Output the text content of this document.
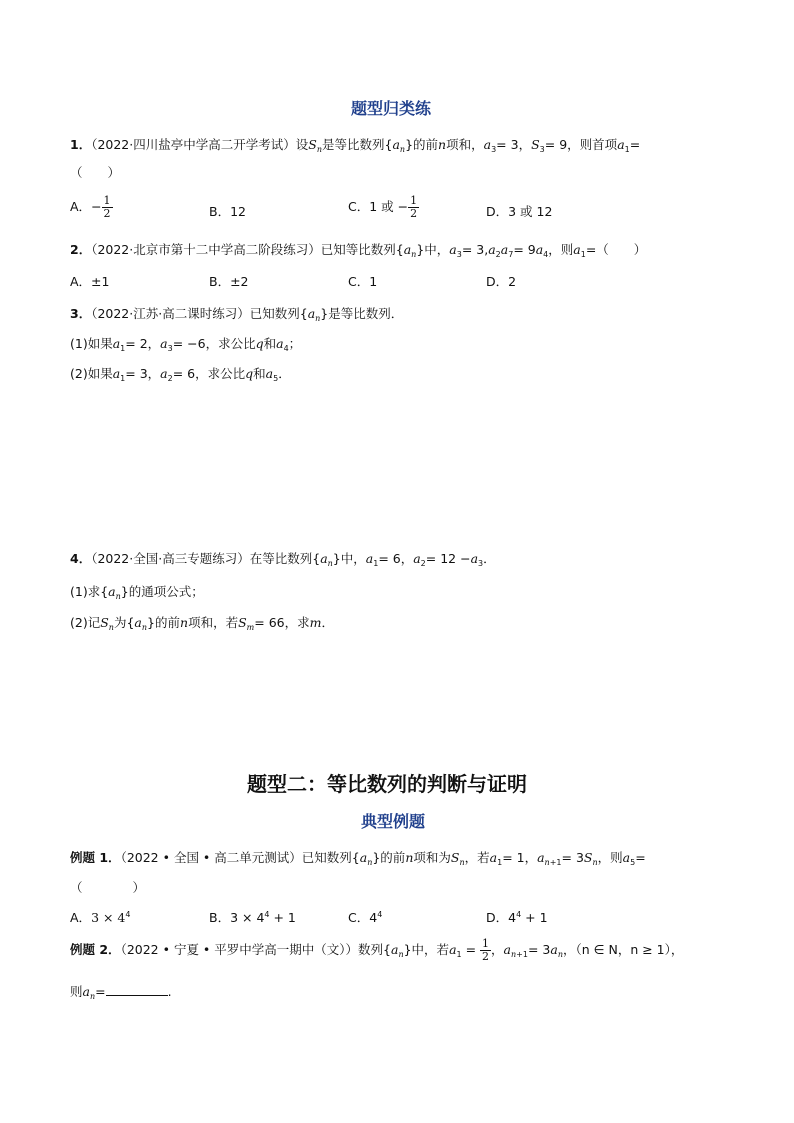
题型归类练
1．（2022·四川盐亭中学高二开学考试）设$S_n$是等比数列$\{a_n\}$的前n项和，$a_3= 3$，$S_3= 9$，则首项$a_1=$
（　　）
A．− $\frac{1}{2}$	B．12	C．1 或 − $\frac{1}{2}$	D．3 或 12
2．（2022·北京市第十二中学高二阶段练习）已知等比数列$\{a_n\}$中，$a_3= 3,a_2a_7= 9a_4$，则$a_1=$（　　）
A．±1	B．±2	C．1	D．2
3．（2022·江苏·高二课时练习）已知数列$\{a_n\}$是等比数列．
(1)如果$a_1= 2$，$a_3= -6$，求公比q和$a_4$；
(2)如果$a_1= 3$，$a_2= 6$，求公比q和$a_5$．
4．（2022·全国·高三专题练习）在等比数列$\{a_n\}$中，$a_1= 6$，$a_2= 12 -a_3$．
(1)求$\{a_n\}$的通项公式；
(2)记$S_n$为$\{a_n\}$的前n项和，若$S_m= 66$，求m．
题型二：等比数列的判断与证明
典型例题
例题 1．（2022 • 全国 • 高二单元测试）已知数列$\{a_n\}$的前n项和为$S_n$，若$a_1= 1$，$a_{n+1}= 3S_n$，则$a_5=$
（　　　　）
A．$3 \times 4^4$	B．$3 \times 4^4 + 1$	C．$4^4$	D．$4^4 + 1$
例题 2．（2022 • 宁夏 • 平罗中学高一期中（文））数列$\{a_n\}$中，若$a_1 = \frac{1}{2}$ ，$a_{n+1}= 3a_n$，（n ∈ N，n ≥ 1），
则$a_n=$	.
